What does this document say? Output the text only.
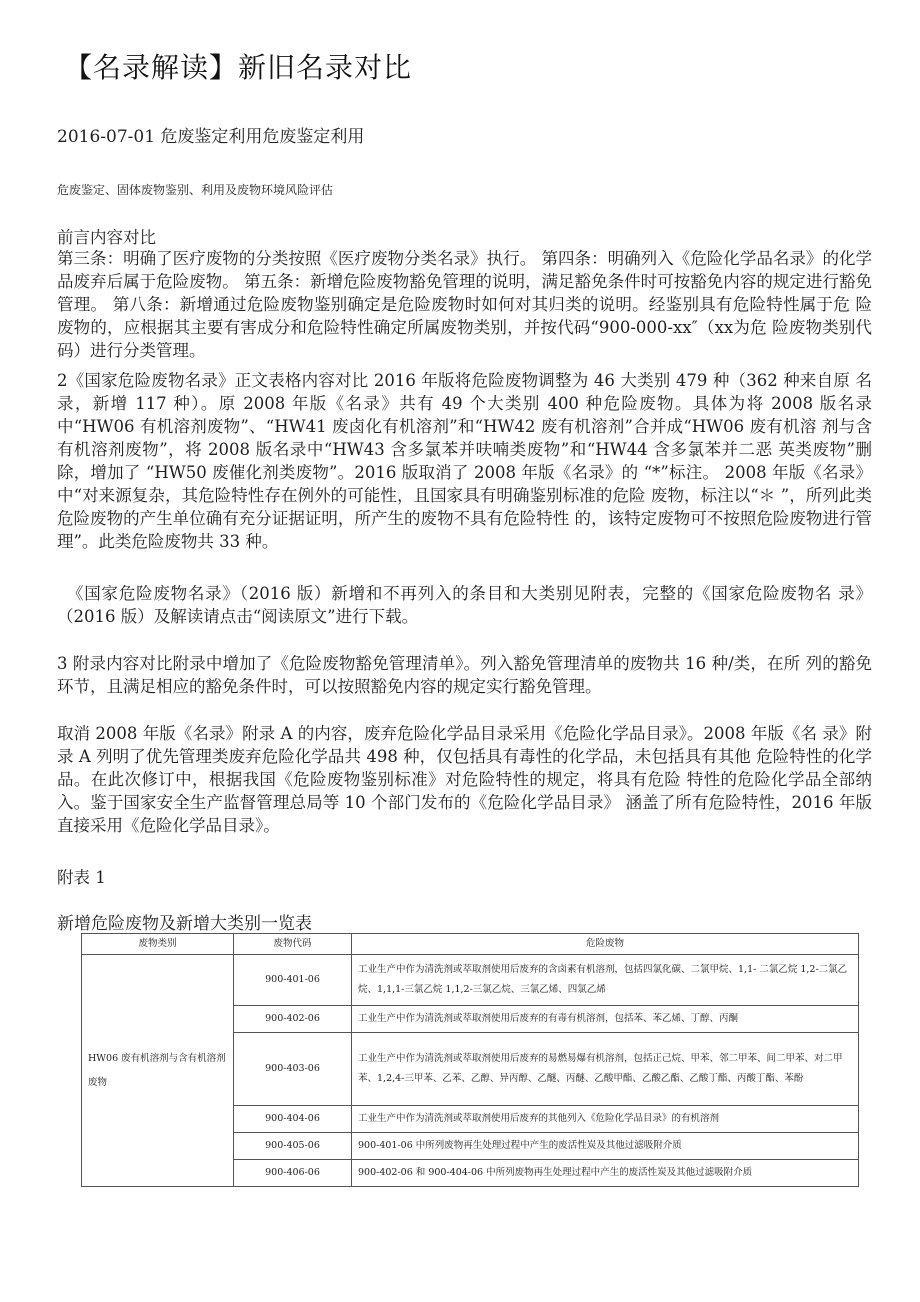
【名录解读】新旧名录对比
2016-07-01 危废鉴定利用危废鉴定利用
危废鉴定、固体废物鉴别、利用及废物环境风险评估
前言内容对比
第三条：明确了医疗废物的分类按照《医疗废物分类名录》执行。 第四条：明确列入《危险化学品名录》的化学品废弃后属于危险废物。 第五条：新增危险废物豁免管理的说明，满足豁免条件时可按豁免内容的规定进行豁免管理。 第八条：新增通过危险废物鉴别确定是危险废物时如何对其归类的说明。经鉴别具有危险特性属于危 险废物的，应根据其主要有害成分和危险特性确定所属废物类别，并按代码“900-000-xx″（xx为危 险废物类别代码）进行分类管理。
2《国家危险废物名录》正文表格内容对比 2016 年版将危险废物调整为 46 大类别 479 种（362 种来自原 名录，新增 117 种）。原 2008 年版《名录》共有 49 个大类别 400 种危险废物。具体为将 2008 版名录 中“HW06 有机溶剂废物”、“HW41 废卤化有机溶剂”和“HW42 废有机溶剂”合并成“HW06 废有机溶 剂与含有机溶剂废物”，将 2008 版名录中“HW43 含多氯苯并呋喃类废物”和“HW44 含多氯苯并二恶 英类废物”删除，增加了 “HW50 废催化剂类废物”。2016 版取消了 2008 年版《名录》的 “*”标注。 2008 年版《名录》中“对来源复杂，其危险特性存在例外的可能性，且国家具有明确鉴别标准的危险 废物，标注以“＊ ”，所列此类危险废物的产生单位确有充分证据证明，所产生的废物不具有危险特性 的，该特定废物可不按照危险废物进行管理”。此类危险废物共 33 种。
《国家危险废物名录》（2016 版）新增和不再列入的条目和大类别见附表，完整的《国家危险废物名 录》（2016 版）及解读请点击“阅读原文”进行下载。
3 附录内容对比附录中增加了《危险废物豁免管理清单》。列入豁免管理清单的废物共 16 种/类，在所 列的豁免环节，且满足相应的豁免条件时，可以按照豁免内容的规定实行豁免管理。
取消 2008 年版《名录》附录 A 的内容，废弃危险化学品目录采用《危险化学品目录》。2008 年版《名 录》附录 A 列明了优先管理类废弃危险化学品共 498 种，仅包括具有毒性的化学品，未包括具有其他 危险特性的化学品。在此次修订中，根据我国《危险废物鉴别标准》对危险特性的规定，将具有危险 特性的危险化学品全部纳入。鉴于国家安全生产监督管理总局等 10 个部门发布的《危险化学品目录》 涵盖了所有危险特性，2016 年版直接采用《危险化学品目录》。
附表 1
新增危险废物及新增大类别一览表
废物类别	废物代码	危险废物
HW06 废有机溶剂与含有机溶剂废物	900-401-06	工业生产中作为清洗剂或萃取剂使用后废弃的含卤素有机溶剂，包括四氯化碳、二氯甲烷、1,1- 二氯乙烷 1,2-二氯乙烷、1,1,1-三氯乙烷 1,1,2-三氯乙烷、三氯乙烯、四氯乙烯
	900-402-06	工业生产中作为清洗剂或萃取剂使用后废弃的有毒有机溶剂，包括苯、苯乙烯、丁醇、丙酮
	900-403-06	工业生产中作为清洗剂或萃取剂使用后废弃的易燃易爆有机溶剂，包括正己烷、甲苯、邻二甲苯、间二甲苯、对二甲苯、1,2,4-三甲苯、乙苯、乙醇、异丙醇、乙醚、丙醚、乙酸甲酯、乙酸乙酯、乙酸丁酯、丙酸丁酯、苯酚
	900-404-06	工业生产中作为清洗剂或萃取剂使用后废弃的其他列入《危险化学品目录》的有机溶剂
	900-405-06	900-401-06 中所列废物再生处理过程中产生的废活性炭及其他过滤吸附介质
	900-406-06	900-402-06 和 900-404-06 中所列废物再生处理过程中产生的废活性炭及其他过滤吸附介质
